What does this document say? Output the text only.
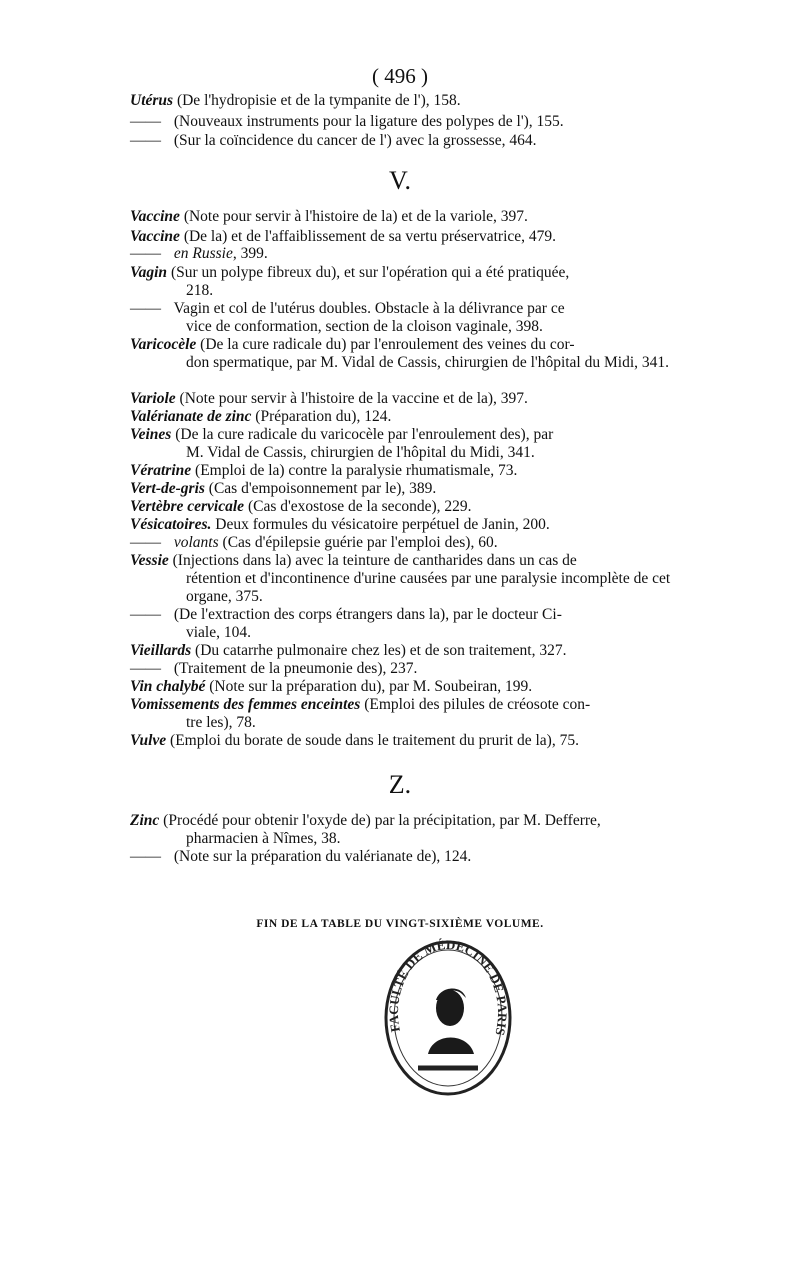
( 496 )
Utérus (De l'hydropisie et de la tympanite de l'), 158.
—— (Nouveaux instruments pour la ligature des polypes de l'), 155.
—— (Sur la coïncidence du cancer de l') avec la grossesse, 464.
V.
Vaccine (Note pour servir à l'histoire de la) et de la variole, 397.
Vaccine (De la) et de l'affaiblissement de sa vertu préservatrice, 479.
—— en Russie, 399.
Vagin (Sur un polype fibreux du), et sur l'opération qui a été pratiquée,
218.
—— Vagin et col de l'utérus doubles. Obstacle à la délivrance par ce
vice de conformation, section de la cloison vaginale, 398.
Varicocèle (De la cure radicale du) par l'enroulement des veines du cor-
don spermatique, par M. Vidal de Cassis, chirurgien de l'hôpital du Midi, 341.
Variole (Note pour servir à l'histoire de la vaccine et de la), 397.
Valérianate de zinc (Préparation du), 124.
Veines (De la cure radicale du varicocèle par l'enroulement des), par
M. Vidal de Cassis, chirurgien de l'hôpital du Midi, 341.
Vératrine (Emploi de la) contre la paralysie rhumatismale, 73.
Vert-de-gris (Cas d'empoisonnement par le), 389.
Vertèbre cervicale (Cas d'exostose de la seconde), 229.
Vésicatoires. Deux formules du vésicatoire perpétuel de Janin, 200.
—— volants (Cas d'épilepsie guérie par l'emploi des), 60.
Vessie (Injections dans la) avec la teinture de cantharides dans un cas de
rétention et d'incontinence d'urine causées par une paralysie incomplète de cet organe, 375.
—— (De l'extraction des corps étrangers dans la), par le docteur Ci-
viale, 104.
Vieillards (Du catarrhe pulmonaire chez les) et de son traitement, 327.
—— (Traitement de la pneumonie des), 237.
Vin chalybé (Note sur la préparation du), par M. Soubeiran, 199.
Vomissements des femmes enceintes (Emploi des pilules de créosote con-
tre les), 78.
Vulve (Emploi du borate de soude dans le traitement du prurit de la), 75.
Z.
Zinc (Procédé pour obtenir l'oxyde de) par la précipitation, par M. Defferre,
pharmacien à Nîmes, 38.
—— (Note sur la préparation du valérianate de), 124.
FIN DE LA TABLE DU VINGT-SIXIÈME VOLUME.
FACULTÉ DE MÉDECINE DE PARIS
